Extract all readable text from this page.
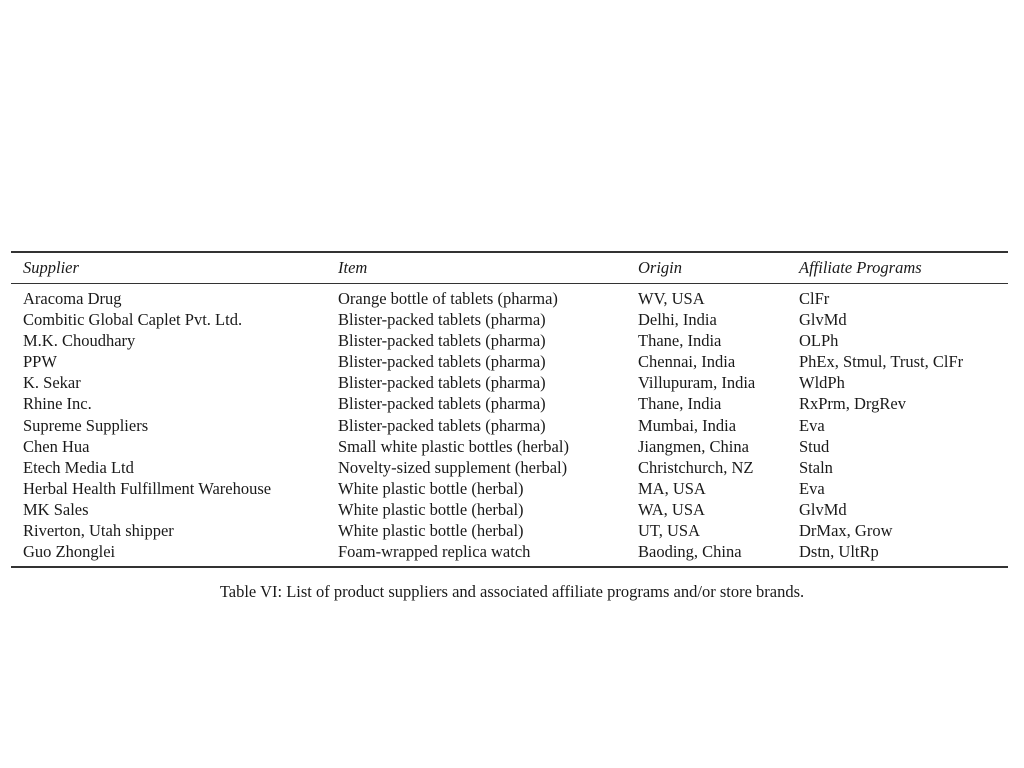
Supplier	Item	Origin	Affiliate Programs
Aracoma Drug	Orange bottle of tablets (pharma)	WV, USA	ClFr
Combitic Global Caplet Pvt. Ltd.	Blister-packed tablets (pharma)	Delhi, India	GlvMd
M.K. Choudhary	Blister-packed tablets (pharma)	Thane, India	OLPh
PPW	Blister-packed tablets (pharma)	Chennai, India	PhEx, Stmul, Trust, ClFr
K. Sekar	Blister-packed tablets (pharma)	Villupuram, India	WldPh
Rhine Inc.	Blister-packed tablets (pharma)	Thane, India	RxPrm, DrgRev
Supreme Suppliers	Blister-packed tablets (pharma)	Mumbai, India	Eva
Chen Hua	Small white plastic bottles (herbal)	Jiangmen, China	Stud
Etech Media Ltd	Novelty-sized supplement (herbal)	Christchurch, NZ	Staln
Herbal Health Fulfillment Warehouse	White plastic bottle (herbal)	MA, USA	Eva
MK Sales	White plastic bottle (herbal)	WA, USA	GlvMd
Riverton, Utah shipper	White plastic bottle (herbal)	UT, USA	DrMax, Grow
Guo Zhonglei	Foam-wrapped replica watch	Baoding, China	Dstn, UltRp
Table VI: List of product suppliers and associated affiliate programs and/or store brands.
